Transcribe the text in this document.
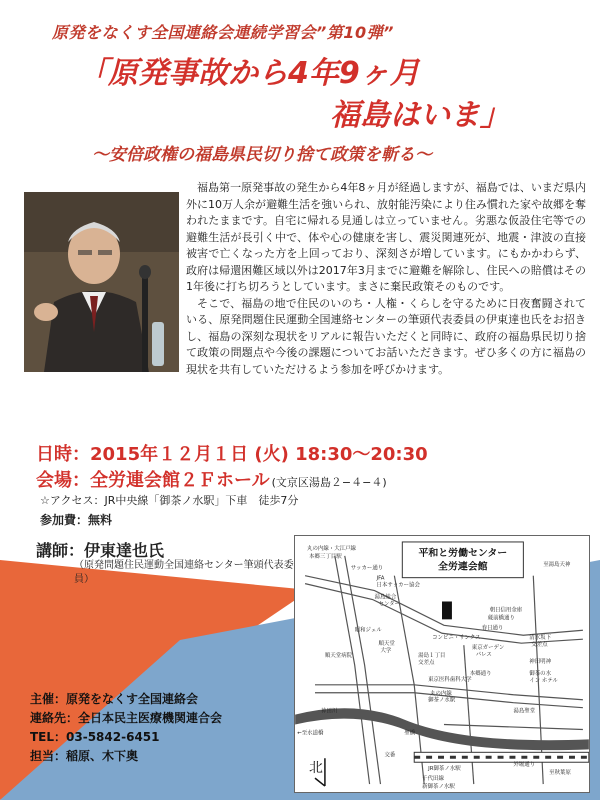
原発をなくす全国連絡会連続学習会”第10弾”
「原発事故から4年9ヶ月
福島はいま」
〜安倍政権の福島県民切り捨て政策を斬る〜

福島第一原発事故の発生から4年8ヶ月が経過しますが、福島では、いまだ県内外に10万人余が避難生活を強いられ、放射能汚染により住み慣れた家や故郷を奪われたままです。自宅に帰れる見通しは立っていません。劣悪な仮設住宅等での避難生活が長引く中で、体や心の健康を害し、震災関連死が、地震・津波の直接被害で亡くなった方を上回っており、深刻さが増しています。にもかかわらず、政府は帰還困難区域以外は2017年3月までに避難を解除し、住民への賠償はその1年後に打ち切ろうとしています。まさに棄民政策そのものです。

そこで、福島の地で住民のいのち・人権・くらしを守るために日夜奮闘されている、原発問題住民運動全国連絡センターの筆頭代表委員の伊東達也氏をお招きし、福島の深刻な現状をリアルに報告いただくと同時に、政府の福島県民切り捨て政策の問題点や今後の課題についてお話いただきます。ぜひ多くの方に福島の現状を共有していただけるよう参加を呼びかけます。

日時：2015年１２月１日 (火) 18:30〜20:30
会場：全労連会館２Ｆホール (文京区湯島２−４−４)
☆アクセス：JR中央線「御茶ノ水駅」下車　徒歩7分
参加費：無料
講師：伊東達也氏
（原発問題住民運動全国連絡センター筆頭代表委員）
平和と労働センター
全労連会館
丸の内線・大江戸線
本郷三丁目駅
サッカー通り
JFA
日本サッカー協会
湯島総合
センター
昭和ジェル
順天堂病院
順天堂
大学
コンビニ・サンクス
東京ガーデン
パレス
春日通り
朝日信用金庫
蔵前橋通り
湯島１丁目
交差点
清水坂下
交差点
神田明神
御茶の水
イン ホテル
東京医科歯科大学
丸の内線
御茶ノ水駅
神田川
←至水道橋	聖橋
湯島聖堂
交番
JR御茶ノ水駅
外堀通り
至秋葉原
千代田線
新御茶ノ水駅
本郷通り
至湯島天神
北
主催：原発をなくす全国連絡会
連絡先：全日本民主医療機関連合会
TEL：03-5842-6451
担当：稲原、木下奥
